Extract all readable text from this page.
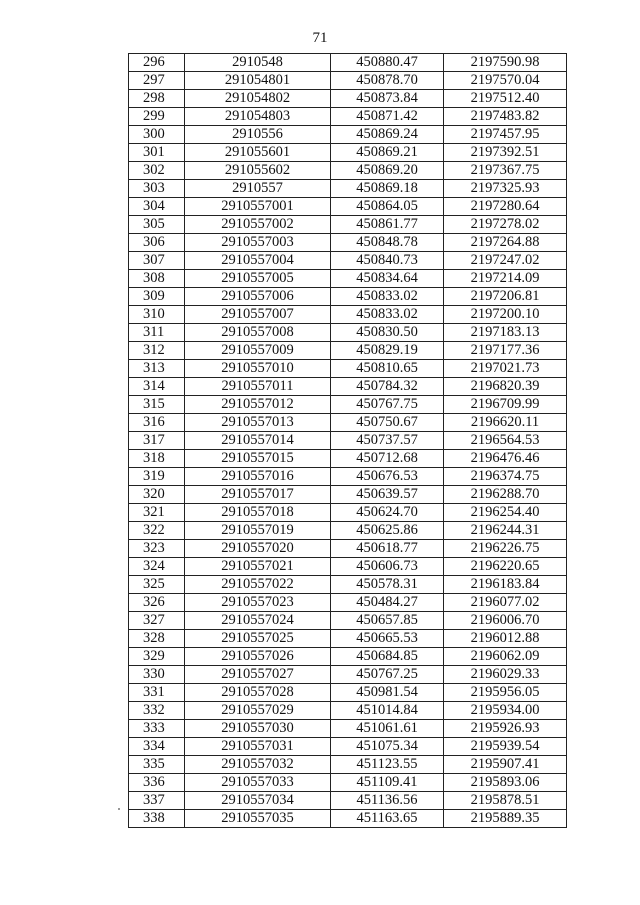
71
296	2910548	450880.47	2197590.98
297	291054801	450878.70	2197570.04
298	291054802	450873.84	2197512.40
299	291054803	450871.42	2197483.82
300	2910556	450869.24	2197457.95
301	291055601	450869.21	2197392.51
302	291055602	450869.20	2197367.75
303	2910557	450869.18	2197325.93
304	2910557001	450864.05	2197280.64
305	2910557002	450861.77	2197278.02
306	2910557003	450848.78	2197264.88
307	2910557004	450840.73	2197247.02
308	2910557005	450834.64	2197214.09
309	2910557006	450833.02	2197206.81
310	2910557007	450833.02	2197200.10
311	2910557008	450830.50	2197183.13
312	2910557009	450829.19	2197177.36
313	2910557010	450810.65	2197021.73
314	2910557011	450784.32	2196820.39
315	2910557012	450767.75	2196709.99
316	2910557013	450750.67	2196620.11
317	2910557014	450737.57	2196564.53
318	2910557015	450712.68	2196476.46
319	2910557016	450676.53	2196374.75
320	2910557017	450639.57	2196288.70
321	2910557018	450624.70	2196254.40
322	2910557019	450625.86	2196244.31
323	2910557020	450618.77	2196226.75
324	2910557021	450606.73	2196220.65
325	2910557022	450578.31	2196183.84
326	2910557023	450484.27	2196077.02
327	2910557024	450657.85	2196006.70
328	2910557025	450665.53	2196012.88
329	2910557026	450684.85	2196062.09
330	2910557027	450767.25	2196029.33
331	2910557028	450981.54	2195956.05
332	2910557029	451014.84	2195934.00
333	2910557030	451061.61	2195926.93
334	2910557031	451075.34	2195939.54
335	2910557032	451123.55	2195907.41
336	2910557033	451109.41	2195893.06
337	2910557034	451136.56	2195878.51
338	2910557035	451163.65	2195889.35
